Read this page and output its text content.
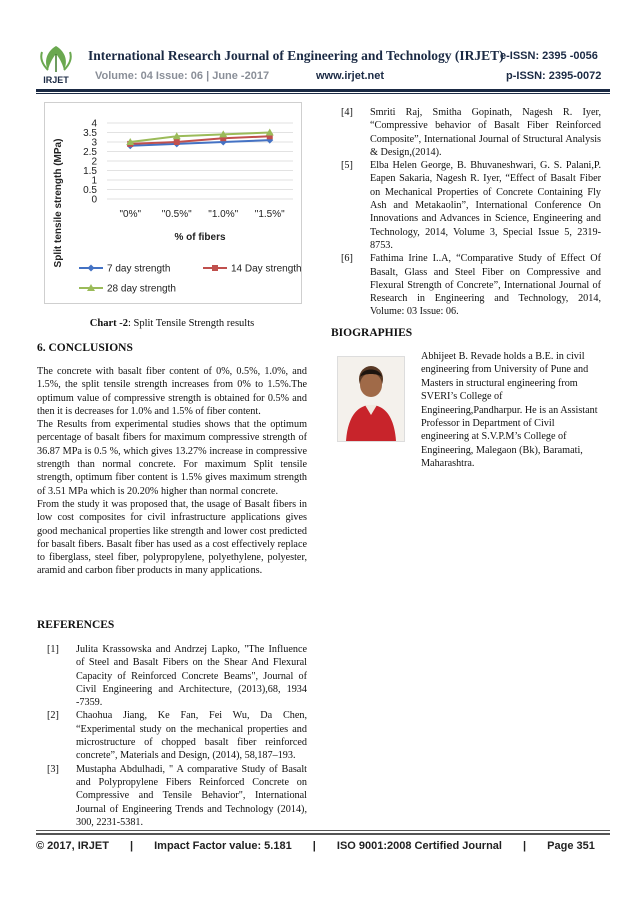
IRJET
International Research Journal of Engineering and Technology (IRJET)
e-ISSN: 2395 -0056
Volume: 04 Issue: 06 | June -2017	www.irjet.net	p-ISSN: 2395-0072
0
0.5
1
1.5
2
2.5
3
3.5
4
"0%" "0.5%" "1.0%" "1.5%"
Split tensile strength (MPa)	% of fibers
7 day strength	14 Day strength
28 day strength
Chart -2: Split Tensile Strength results
6. CONCLUSIONS

The concrete with basalt fiber content of 0%, 0.5%, 1.0%, and 1.5%, the split tensile strength increases from 0% to 1.5%.The optimum value of compressive strength is obtained for 0.5% and then it is decreases for 1.0% and 1.5% of fiber content.

The Results from experimental studies shows that the optimum percentage of basalt fibers for maximum compressive strength of 36.87 MPa is 0.5 %, which gives 13.27% increase in compressive strength than normal concrete. For maximum Split tensile strength, optimum fiber content is 1.5% gives maximum strength of 3.51 MPa which is 20.20% higher than normal concrete.

From the study it was proposed that, the usage of Basalt fibers in low cost composites for civil infrastructure applications gives good mechanical properties like strength and lower cost predicted for basalt fibers. Basalt fiber has used as a cost effectively replace to fiberglass, steel fiber, polypropylene, polyethylene, polyester, aramid and carbon fiber products in many applications.

REFERENCES
[1]	Julita Krassowska and Andrzej Lapko, "The Influence of Steel and Basalt Fibers on the Shear And Flexural Capacity of Reinforced Concrete Beams", Journal of Civil Engineering and Architecture, (2013),68, 1934 -7359.
[2]	Chaohua Jiang, Ke Fan, Fei Wu, Da Chen, “Experimental study on the mechanical properties and microstructure of chopped basalt fiber reinforced concrete”, Materials and Design, (2014), 58,187–193.
[3]	Mustapha Abdulhadi, " A comparative Study of Basalt and Polypropylene Fibers Reinforced Concrete on Compressive and Tensile Behavior", International Journal of Engineering Trends and Technology (2014), 300, 2231-5381.
[4]	Smriti Raj, Smitha Gopinath, Nagesh R. Iyer, “Compressive behavior of Basalt Fiber Reinforced Composite”, International Journal of Structural Analysis & Design,(2014).
[5]	Elba Helen George, B. Bhuvaneshwari, G. S. Palani,P. Eapen Sakaria, Nagesh R. Iyer, “Effect of Basalt Fiber on Mechanical Properties of Concrete Containing Fly Ash and Metakaolin”, International Conference On Innovations and Advances in Science, Engineering and Technology, 2014, Volume 3, Special Issue 5, 2319-8753.
[6]	Fathima Irine I..A, “Comparative Study of Effect Of Basalt, Glass and Steel Fiber on Compressive and Flexural Strength of Concrete”, International Journal of Research in Engineering and Technology, 2014, Volume: 03 Issue: 06.
BIOGRAPHIES
Abhijeet B. Revade holds a B.E. in civil engineering from University of Pune and Masters in structural engineering from SVERI’s College of Engineering,Pandharpur. He is an Assistant Professor in Department of Civil engineering at S.V.P.M’s College of Engineering, Malegaon (Bk), Baramati, Maharashtra.
© 2017, IRJET | Impact Factor value: 5.181 | ISO 9001:2008 Certified Journal | Page 351
